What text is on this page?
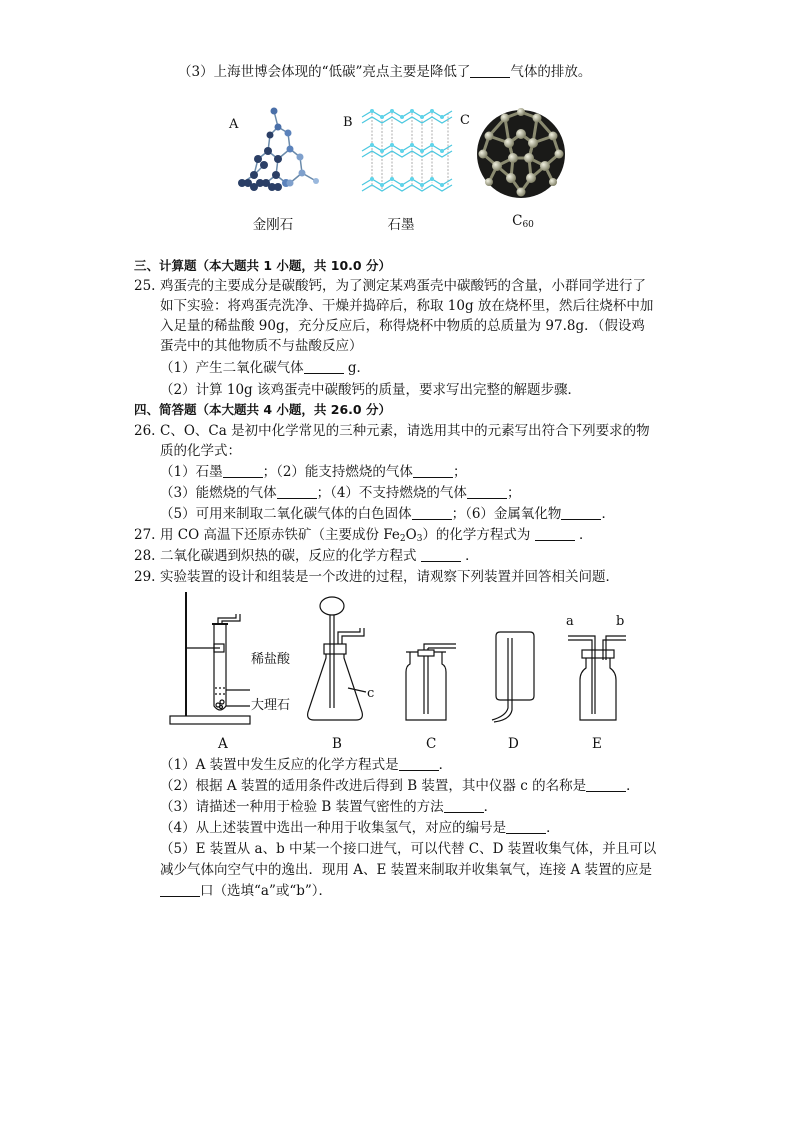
（3）上海世博会体现的“低碳”亮点主要是降低了	气体的排放。
A	B	C
金刚石	石墨	$C_{60}$
三、计算题（本大题共 1 小题，共 10.0 分）
25. 鸡蛋壳的主要成分是碳酸钙，为了测定某鸡蛋壳中碳酸钙的含量，小群同学进行了
如下实验：将鸡蛋壳洗净、干燥并捣碎后，称取 10g 放在烧杯里，然后往烧杯中加
入足量的稀盐酸 90g，充分反应后，称得烧杯中物质的总质量为 97.8g．（假设鸡
蛋壳中的其他物质不与盐酸反应）
（1）产生二氧化碳气体	g．
（2）计算 10g 该鸡蛋壳中碳酸钙的质量，要求写出完整的解题步骤．
四、简答题（本大题共 4 小题，共 26.0 分）
26. C、O、Ca 是初中化学常见的三种元素，请选用其中的元素写出符合下列要求的物
质的化学式：
（1）石墨	；（2）能支持燃烧的气体	；
（3）能燃烧的气体	；（4）不支持燃烧的气体	；
（5）可用来制取二氧化碳气体的白色固体	；（6）金属氧化物	．
27. 用 CO 高温下还原赤铁矿（主要成份 $Fe_2O_3$）的化学方程式为	．
28. 二氧化碳遇到炽热的碳，反应的化学方程式	．
29. 实验装置的设计和组装是一个改进的过程，请观察下列装置并回答相关问题．
稀盐酸
大理石
c
a	b
A	B	C	D	E
（1）A 装置中发生反应的化学方程式是	．
（2）根据 A 装置的适用条件改进后得到 B 装置，其中仪器 c 的名称是	．
（3）请描述一种用于检验 B 装置气密性的方法	．
（4）从上述装置中选出一种用于收集氢气，对应的编号是	．
（5）E 装置从 a、b 中某一个接口进气，可以代替 C、D 装置收集气体，并且可以
减少气体向空气中的逸出．现用 A、E 装置来制取并收集氧气，连接 A 装置的应是
口（选填“a”或“b”）．
